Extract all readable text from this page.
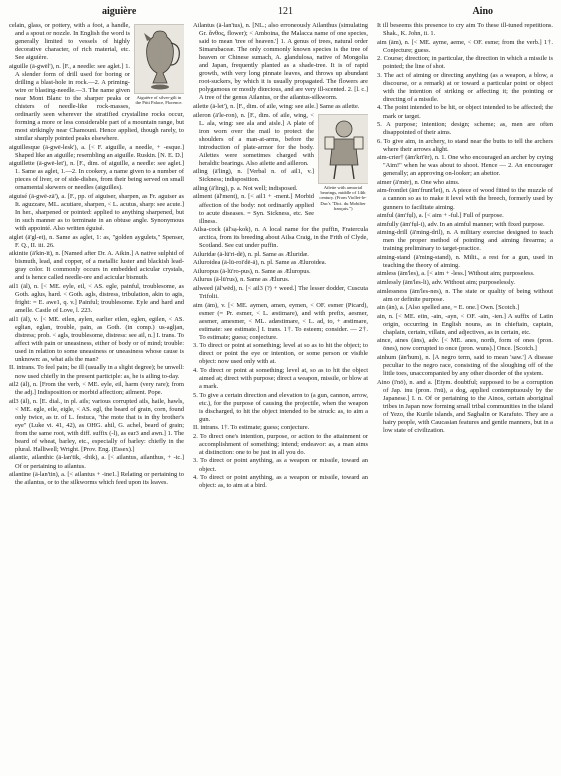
aiguière	121	Aino
Aiguière of silver-gilt in the Pitti Palace, Florence.

celain, glass, or pottery, with a foot, a handle, and a spout or nozzle. In English the word is generally limited to vessels of highly decorative character, of rich material, etc. See aiguière.

aiguille (ā-gwēl'), n. [F., a needle: see aglet.] 1. A slender form of drill used for boring or drilling a blast-hole in rock.—2. A priming-wire or blasting-needle.—3. The name given near Mont Blanc to the sharper peaks or chisters of needle-like rock-masses, ordinarily seen wherever the stratified crystalline rocks occur, forming a more or less considerable part of a mountain range, but most strikingly near Chamouni. Hence applied, though rarely, to similar sharply pointed peaks elsewhere.

aiguillesque (ā-gwē-lesk'), a. [< F. aiguille, a needle, + -esque.] Shaped like an aiguille; resembling an aiguille. Ruskin. [N. E. D.]

aiguillette (ā-gwē-let'), n. [F., dim. of aiguille, a needle: see aglet.] 1. Same as aglet, 1.—2. In cookery, a name given to a number of pieces of liver, or of side-dishes, from their being served on small ornamental skewers or needles (aiguilles).

aiguisé (ā-gwē-zā'), a. [F., pp. of aiguiser, sharpen, as Fr. aguiser as It. aguzzare, ML. acutiare, sharpen, < L. acutus, sharp: see acute.] In her., sharpened or pointed: applied to anything sharpened, but in such manner as to terminate in an obtuse angle. Synonymous with appointé. Also written éguisé.

aiglet (ā'gl-et), n. Same as aglet, 1: as, "golden aygulets," Spenser, F. Q., II. iii. 26.

aikinite (ā'kin-īt), n. [Named after Dr. A. Aikin.] A native sulphid of bismuth, lead, and copper, of a metallic luster and blackish lead-gray color. It commonly occurs in embedded acicular crystals, and is hence called needle-ore and acicular bismuth.

ail1 (āl), n. [< ME. eyle, eil, < AS. egle, painful, troublesome, as Goth. aglus, hard. < Goth. agls, distress, tribulation, akin to agis, fright: = E. awe1, q. v.] Painful; troublesome. Eyle and hard and amelle. Castle of Love, l. 223.

ail1 (āl), v. [< ME. eilen, aylen, earlier eilen, eglen, egilen, < AS. eglian, eglan, trouble, pain, as Goth. (in comp.) us-agljan, distress; prob. < agls, troublesome, distress: see ail, n.] I. trans. To affect with pain or uneasiness, either of body or of mind; trouble: used in relation to some uneasiness or uneasiness whose cause is unknown: as, what ails the man?

II. intrans. To feel pain; be ill (usually in a slight degree); be unwell: now used chiefly in the present participle: as, he is ailing to-day.

ail2 (āl), n. [From the verb, < ME. eyle, eil, harm (very rare); from the adj.] Indisposition or morbid affection; ailment. Pope.

ail3 (āl), n. [E. dial., in pl. ails; various corrupted ails, haile, hawls, < ME. egle, eile, eigle, < AS. egl, the beard of grain, corn, found only twice, as tr. of L. festuca, "the mote that is in thy brother's eye" (Luke vi. 41, 42), as OHG. ahil, G. achel, beard of grain; from the same root, with diff. suffix (-l), as ear3 and awn.] 1. The beard of wheat, barley, etc., especially of barley: chiefly in the plural. Halliwell; Wright. [Prov. Eng. (Essex).]

ailantic, ailanthic (ā-lan'tik, -thik), a. [< ailantus, ailanthus, + -ic.] Of or pertaining to ailantus.

ailantine (ā-lan'tin), a. [< ailantus + -ine1.] Relating or pertaining to the ailantus, or to the silkworms which feed upon its leaves.

Ailantus (ā-lan'tus), n. [NL.; also erroneously Ailanthus (simulating Gr. ἄνθος, flower); < Amboina, the Malacca name of one species, said to mean 'tree of heaven.'] 1. A genus of trees, natural order Simarubaceæ. The only commonly known species is the tree of heaven or Chinese sumach, A. glandulosa, native of Mongolia and Japan, frequently planted as a shade-tree. It is of rapid growth, with very long pinnate leaves, and throws up abundant root-suckers, by which it is usually propagated. The flowers are polygamous or mostly diœcious, and are very ill-scented. 2. [l. c.] A tree of the genus Ailantus, or the ailantus-silkworm.

ailette (ā-let'), n. [F., dim. of aile, wing: see aile.] Same as ailette.

Ailette with armorial bearings, middle of 14th century. (From Viollet-le-Duc's "Dict. du Mobilier français.")

aileron (ā'le-ron), n. [F., dim. of aile, wing, < L. ala, wing: see ala and aisle.] A plate of iron worn over the mail to protect the shoulders of a man-at-arms, before the introduction of plate-armor for the body. Ailettes were sometimes charged with heraldic bearings. Also ailette and ailleron.

ailing (ā'ling), n. [Verbal n. of ail1, v.] Sickness; indisposition.

ailing (ā'ling), p. a. Not well; indisposed.

ailment (āl'ment), n. [< ail1 + -ment.] Morbid affection of the body: not ordinarily applied to acute diseases. = Syn. Sickness, etc. See illness.

Ailsa-cock (āl'sạ-kok), n. A local name for the puffin, Fratercula arctica, from its breeding about Ailsa Craig, in the Frith of Clyde, Scotland. See cut under puffin.

Ailuridæ (ā-lū'ri-dē), n. pl. Same as Æluridæ.

Ailuroidea (ā-lū-roi'dē-ā), n. pl. Same as Æluroidea.

Ailuropus (ā-lū'ro-pus), n. Same as Æluropus.

Ailurus (ā-lū'rus), n. Same as Ælurus.

ailweed (āl'wēd), n. [< ail3 (?) + weed.] The lesser dodder, Cuscuta Trifolii.

aim (ām), v. [< ME. aymen, amen, eymen, < OF. esmer (Picard), esmer (= Pr. esmer, < L. æstimare), and with prefix, aesmer, aesmer, amesmer, < ML. adæstimare, < L. ad, to, + æstimare, estimate: see estimate.] I. trans. 1†. To esteem; consider. — 2†. To estimate; guess; conjecture.

3. To direct or point at something; level at so as to hit the object; to direct or point the eye or intention, or some person or visible object: now used only with at.

4. To direct or point at something; level at, so as to hit the object aimed at; direct with purpose; direct a weapon, missile, or blow at a mark.

5. To give a certain direction and elevation to (a gun, cannon, arrow, etc.), for the purpose of causing the projectile, when the weapon is discharged, to hit the object intended to be struck: as, to aim a gun.

II. intrans. 1†. To estimate; guess; conjecture.

2. To direct one's intention, purpose, or action to the attainment or accomplishment of something; intend; endeavor: as, a man aims at distinction: one to be just in all you do.

3. To direct or point anything, as a weapon or missile, toward an object.

4. To direct or point anything, as a weapon or missile, toward an object: as, to aim at a bird.

It ill beseems this presence to cry aim To these ill-tuned repetitions. Shak., K. John, ii. 1.

aim (ām), n. [< ME. ayme, aeme, < OF. esme; from the verb.] 1†. Conjecture; guess.

2. Course; direction; in particular, the direction in which a missile is pointed; the line of shot.

3. The act of aiming or directing anything (as a weapon, a blow, a discourse, or a remark) at or toward a particular point or object with the intention of striking or affecting it; the pointing or directing of a missile.

4. The point intended to be hit, or object intended to be affected; the mark or target.

5. A purpose; intention; design; scheme; as, men are often disappointed of their aims.

6. To give aim, in archery, to stand near the butts to tell the archers where their arrows alight.

aim-crier† (ām'krī'ėr), n. 1. One who encouraged an archer by crying "Aim!" when he was about to shoot. Hence — 2. An encourager generally; an approving on-looker; an abettor.

aimer (ā'mėr), n. One who aims.

aim-frontlet (ām'frunt'let), n. A piece of wood fitted to the muzzle of a cannon so as to make it level with the breech, formerly used by gunners to facilitate aiming.

aimful (ām'fụl), a. [< aim + -ful.] Full of purpose.

aimfully (ām'fụl-i), adv. In an aimful manner; with fixed purpose.

aiming-drill (ā'ming-dril), n. A military exercise designed to teach men the proper method of pointing and aiming firearms; a training preliminary to target-practice.

aiming-stand (ā'ming-stand), n. Milit., a rest for a gun, used in teaching the theory of aiming.

aimless (ām'les), a. [< aim + -less.] Without aim; purposeless.

aimlessly (ām'les-li), adv. Without aim; purposelessly.

aimlessness (ām'les-nes), n. The state or quality of being without aim or definite purpose.

ain (ān), a. [Also spelled ane, = E. one.] Own. [Scotch.]

ain, n. [< ME. eiin, -ain, -ayn, < OF. -ain, -ien.] A suffix of Latin origin, occurring in English nouns, as in chieftain, captain, chaplain, certain, villain, and adjectives, as in certain, etc.

aince, aines (āns), adv. [< ME. anes, north, form of ones (pron. ōnes), now corrupted to once (pron. wuns).] Once. [Scotch.]

ainhum (ān'hum), n. [A negro term, said to mean 'saw.'] A disease peculiar to the negro race, consisting of the sloughing off of the little toes, unaccompanied by any other disorder of the system.

Aino (ī'nō), n. and a. [Etym. doubtful; supposed to be a corruption of Jap. inu (pron. ī'nū), a dog, applied contemptuously by the Japanese.] I. n. Of or pertaining to the Ainos, certain aboriginal tribes in Japan now forming small tribal communities in the island of Yezo, the Kurile islands, and Saghalin or Karafuto. They are a hairy people, with Caucasian features and gentle manners, but in a low state of civilization.
